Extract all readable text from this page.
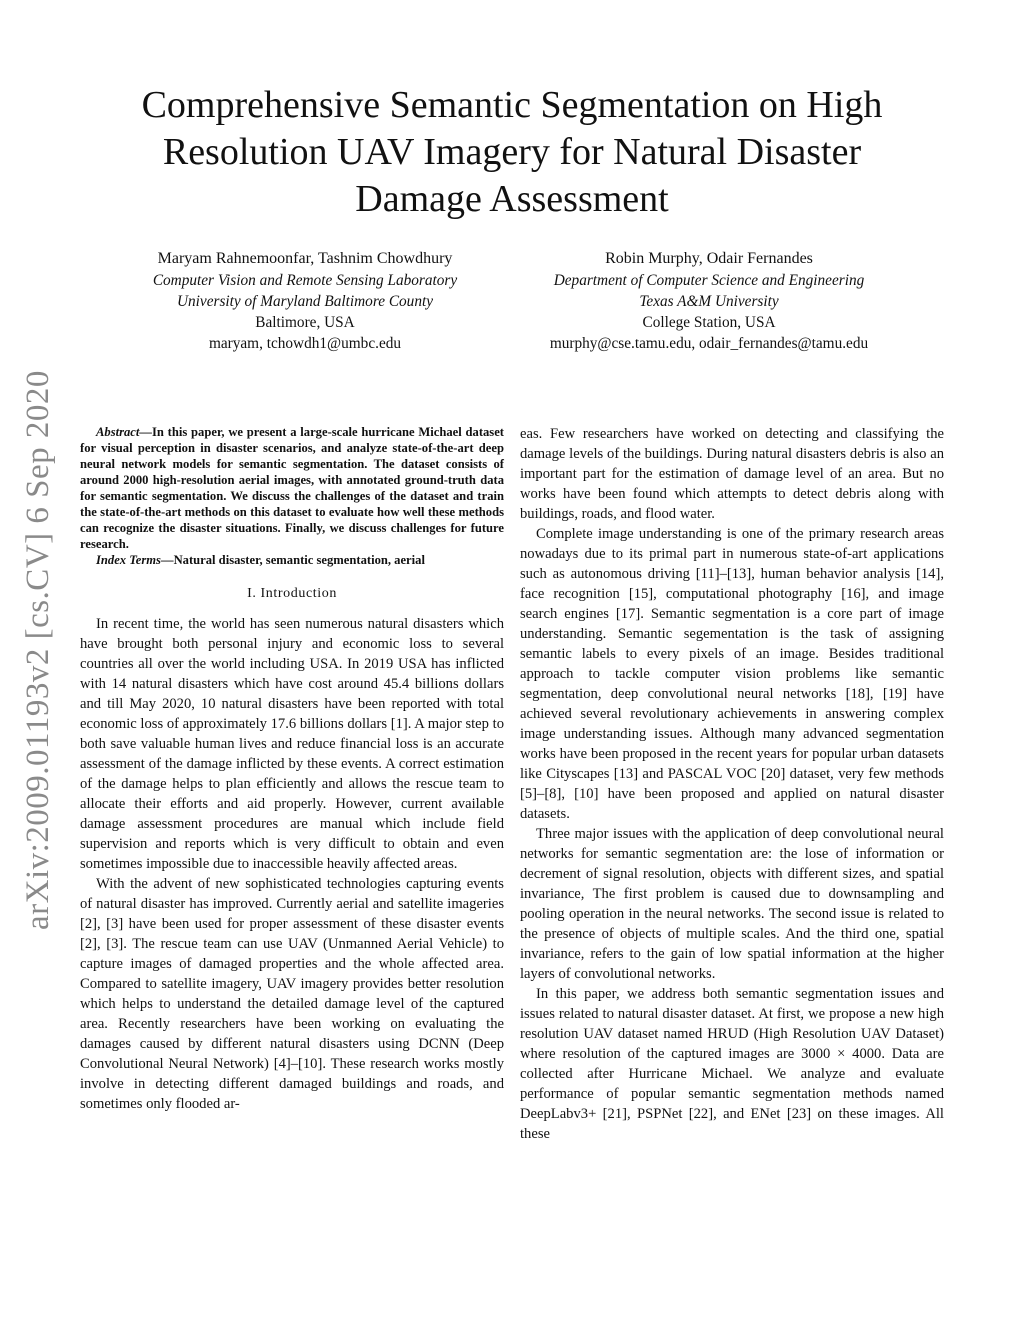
arXiv:2009.01193v2 [cs.CV] 6 Sep 2020
Comprehensive Semantic Segmentation on High Resolution UAV Imagery for Natural Disaster Damage Assessment
Maryam Rahnemoonfar, Tashnim Chowdhury
Computer Vision and Remote Sensing Laboratory
University of Maryland Baltimore County
Baltimore, USA
maryam, tchowdh1@umbc.edu
Robin Murphy, Odair Fernandes
Department of Computer Science and Engineering
Texas A&M University
College Station, USA
murphy@cse.tamu.edu, odair_fernandes@tamu.edu

Abstract—In this paper, we present a large-scale hurricane Michael dataset for visual perception in disaster scenarios, and analyze state-of-the-art deep neural network models for semantic segmentation. The dataset consists of around 2000 high-resolution aerial images, with annotated ground-truth data for semantic segmentation. We discuss the challenges of the dataset and train the state-of-the-art methods on this dataset to evaluate how well these methods can recognize the disaster situations. Finally, we discuss challenges for future research.

Index Terms—Natural disaster, semantic segmentation, aerial

I. Introduction

In recent time, the world has seen numerous natural disasters which have brought both personal injury and economic loss to several countries all over the world including USA. In 2019 USA has inflicted with 14 natural disasters which have cost around 45.4 billions dollars and till May 2020, 10 natural disasters have been reported with total economic loss of approximately 17.6 billions dollars [1]. A major step to both save valuable human lives and reduce financial loss is an accurate assessment of the damage inflicted by these events. A correct estimation of the damage helps to plan efficiently and allows the rescue team to allocate their efforts and aid properly. However, current available damage assessment procedures are manual which include field supervision and reports which is very difficult to obtain and even sometimes impossible due to inaccessible heavily affected areas.

With the advent of new sophisticated technologies capturing events of natural disaster has improved. Currently aerial and satellite imageries [2], [3] have been used for proper assessment of these disaster events [2], [3]. The rescue team can use UAV (Unmanned Aerial Vehicle) to capture images of damaged properties and the whole affected area. Compared to satellite imagery, UAV imagery provides better resolution which helps to understand the detailed damage level of the captured area. Recently researchers have been working on evaluating the damages caused by different natural disasters using DCNN (Deep Convolutional Neural Network) [4]–[10]. These research works mostly involve in detecting different damaged buildings and roads, and sometimes only flooded ar-

eas. Few researchers have worked on detecting and classifying the damage levels of the buildings. During natural disasters debris is also an important part for the estimation of damage level of an area. But no works have been found which attempts to detect debris along with buildings, roads, and flood water.

Complete image understanding is one of the primary research areas nowadays due to its primal part in numerous state-of-art applications such as autonomous driving [11]–[13], human behavior analysis [14], face recognition [15], computational photography [16], and image search engines [17]. Semantic segmentation is a core part of image understanding. Semantic segementation is the task of assigning semantic labels to every pixels of an image. Besides traditional approach to tackle computer vision problems like semantic segmentation, deep convolutional neural networks [18], [19] have achieved several revolutionary achievements in answering complex image understanding issues. Although many advanced segmentation works have been proposed in the recent years for popular urban datasets like Cityscapes [13] and PASCAL VOC [20] dataset, very few methods [5]–[8], [10] have been proposed and applied on natural disaster datasets.

Three major issues with the application of deep convolutional neural networks for semantic segmentation are: the lose of information or decrement of signal resolution, objects with different sizes, and spatial invariance, The first problem is caused due to downsampling and pooling operation in the neural networks. The second issue is related to the presence of objects of multiple scales. And the third one, spatial invariance, refers to the gain of low spatial information at the higher layers of convolutional networks.

In this paper, we address both semantic segmentation issues and issues related to natural disaster dataset. At first, we propose a new high resolution UAV dataset named HRUD (High Resolution UAV Dataset) where resolution of the captured images are 3000 × 4000. Data are collected after Hurricane Michael. We analyze and evaluate performance of popular semantic segmentation methods named DeepLabv3+ [21], PSPNet [22], and ENet [23] on these images. All these
